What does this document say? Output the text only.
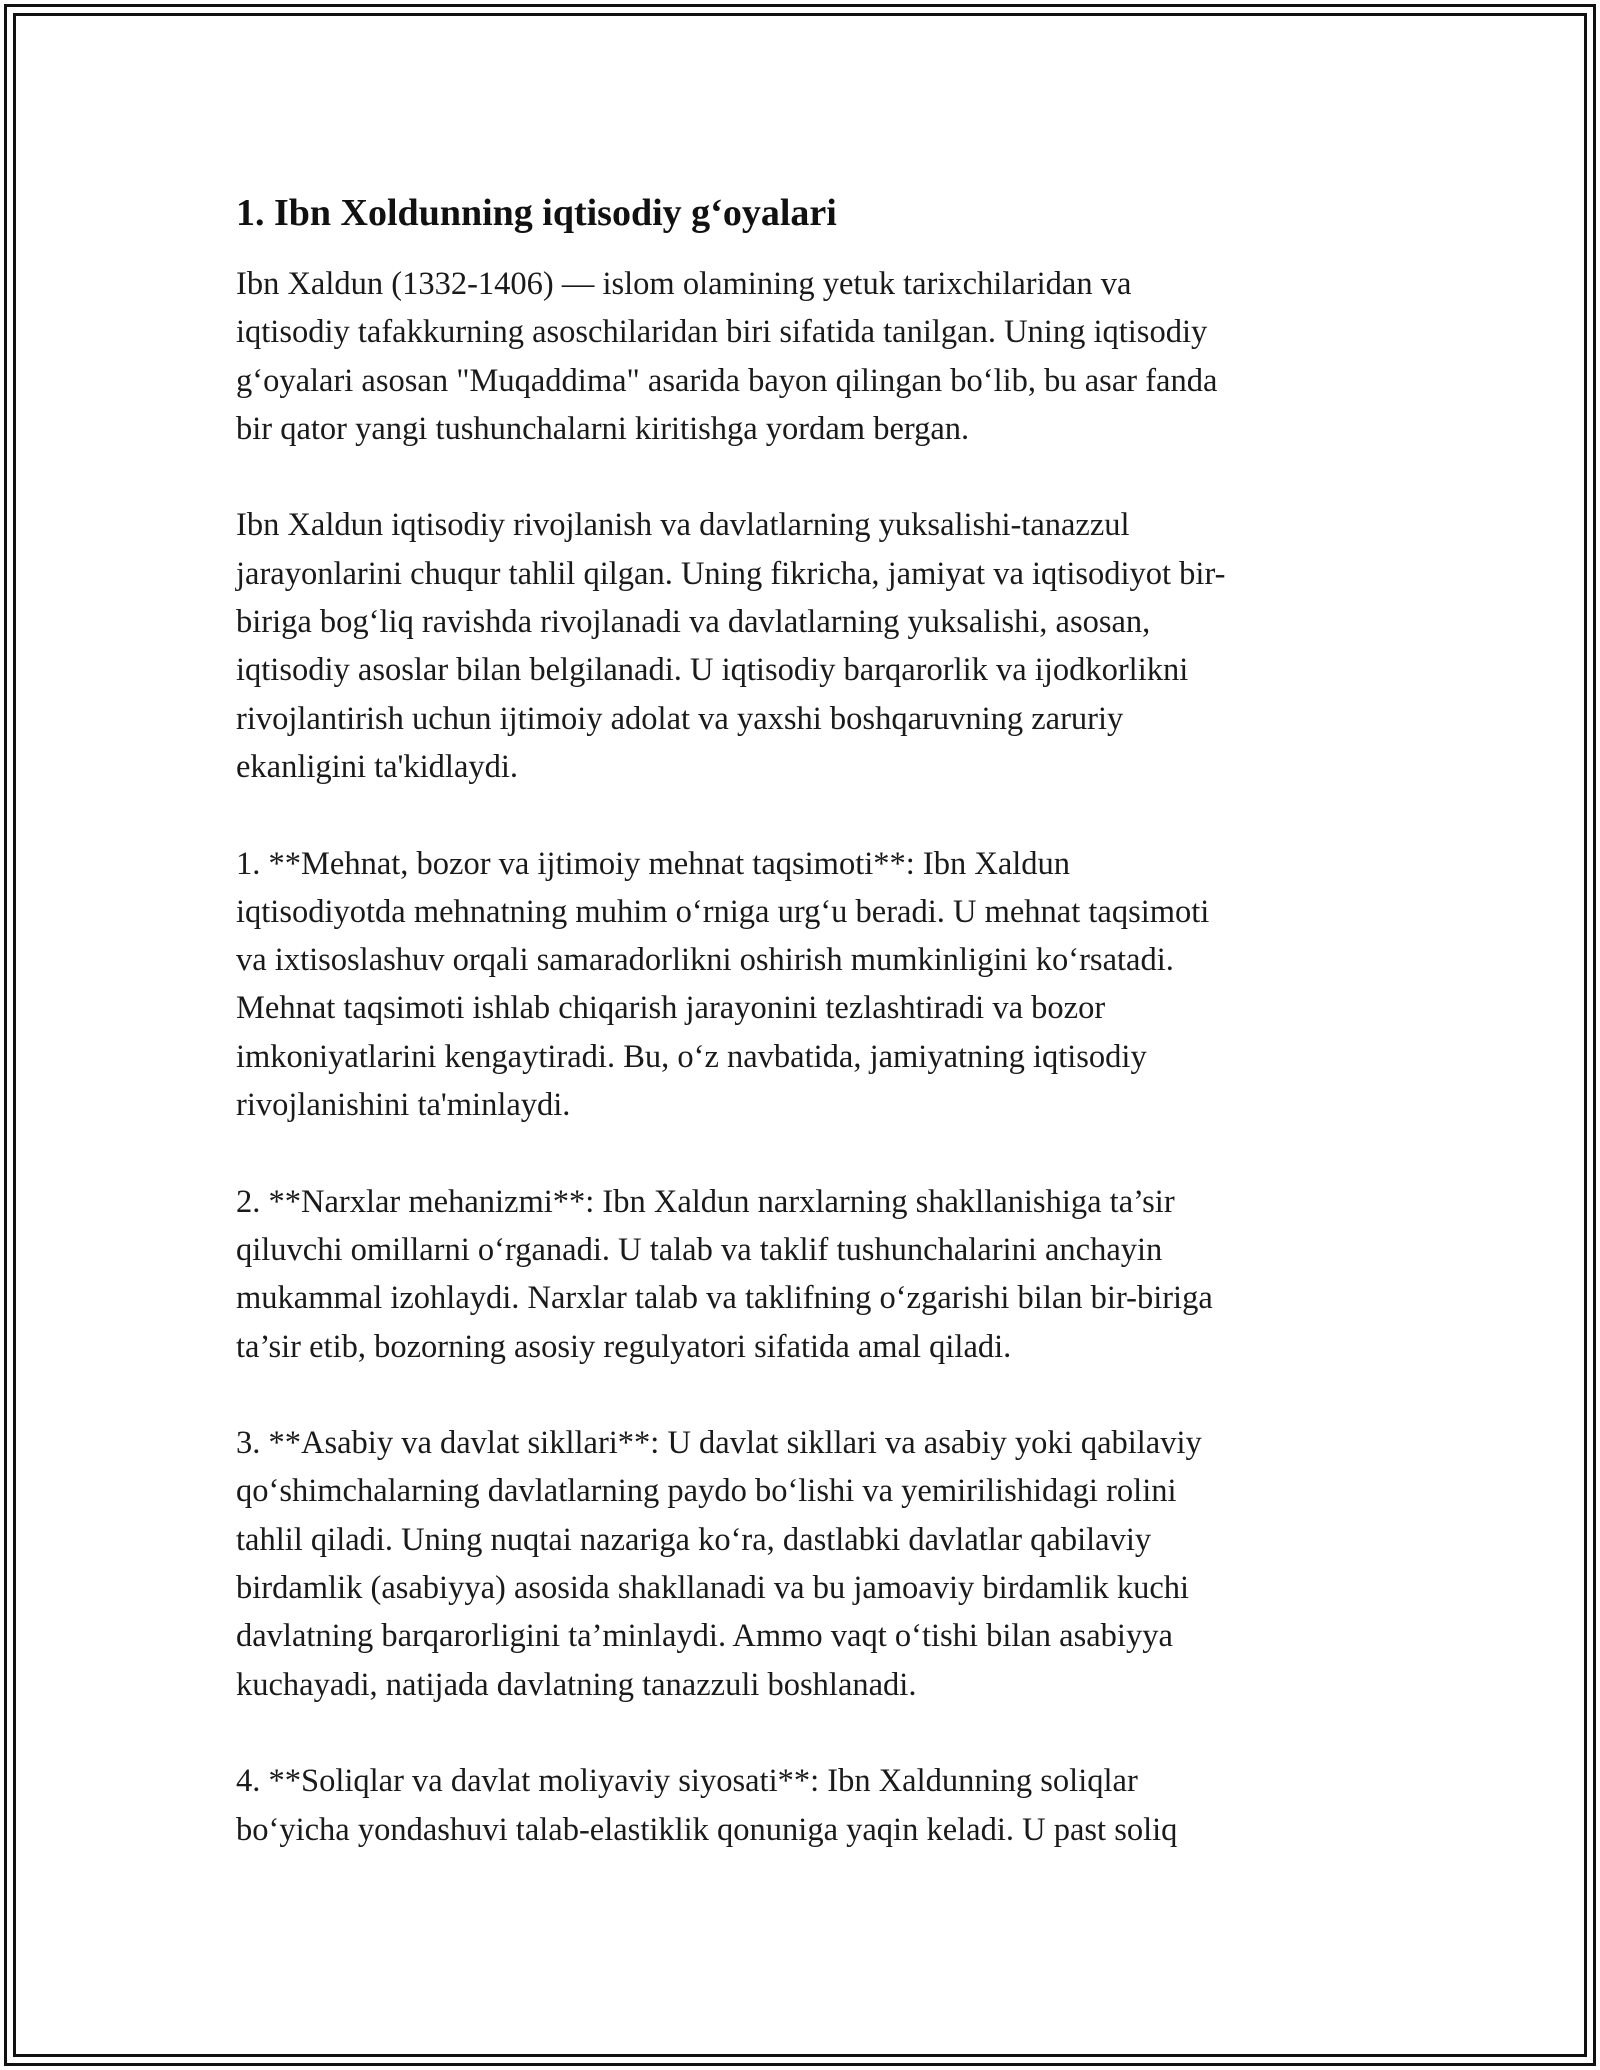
1. Ibn Xoldunning iqtisodiy gʻoyalari
Ibn Xaldun (1332-1406) — islom olamining yetuk tarixchilaridan va
iqtisodiy tafakkurning asoschilaridan biri sifatida tanilgan. Uning iqtisodiy
gʻoyalari asosan "Muqaddima" asarida bayon qilingan boʻlib, bu asar fanda
bir qator yangi tushunchalarni kiritishga yordam bergan.
Ibn Xaldun iqtisodiy rivojlanish va davlatlarning yuksalishi-tanazzul
jarayonlarini chuqur tahlil qilgan. Uning fikricha, jamiyat va iqtisodiyot bir-
biriga bogʻliq ravishda rivojlanadi va davlatlarning yuksalishi, asosan,
iqtisodiy asoslar bilan belgilanadi. U iqtisodiy barqarorlik va ijodkorlikni
rivojlantirish uchun ijtimoiy adolat va yaxshi boshqaruvning zaruriy
ekanligini ta'kidlaydi.
1. **Mehnat, bozor va ijtimoiy mehnat taqsimoti**: Ibn Xaldun
iqtisodiyotda mehnatning muhim oʻrniga urgʻu beradi. U mehnat taqsimoti
va ixtisoslashuv orqali samaradorlikni oshirish mumkinligini koʻrsatadi.
Mehnat taqsimoti ishlab chiqarish jarayonini tezlashtiradi va bozor
imkoniyatlarini kengaytiradi. Bu, oʻz navbatida, jamiyatning iqtisodiy
rivojlanishini ta'minlaydi.
2. **Narxlar mehanizmi**: Ibn Xaldun narxlarning shakllanishiga ta’sir
qiluvchi omillarni oʻrganadi. U talab va taklif tushunchalarini anchayin
mukammal izohlaydi. Narxlar talab va taklifning oʻzgarishi bilan bir-biriga
ta’sir etib, bozorning asosiy regulyatori sifatida amal qiladi.
3. **Asabiy va davlat sikllari**: U davlat sikllari va asabiy yoki qabilaviy
qoʻshimchalarning davlatlarning paydo boʻlishi va yemirilishidagi rolini
tahlil qiladi. Uning nuqtai nazariga koʻra, dastlabki davlatlar qabilaviy
birdamlik (asabiyya) asosida shakllanadi va bu jamoaviy birdamlik kuchi
davlatning barqarorligini ta’minlaydi. Ammo vaqt oʻtishi bilan asabiyya
kuchayadi, natijada davlatning tanazzuli boshlanadi.
4. **Soliqlar va davlat moliyaviy siyosati**: Ibn Xaldunning soliqlar
boʻyicha yondashuvi talab-elastiklik qonuniga yaqin keladi. U past soliq
